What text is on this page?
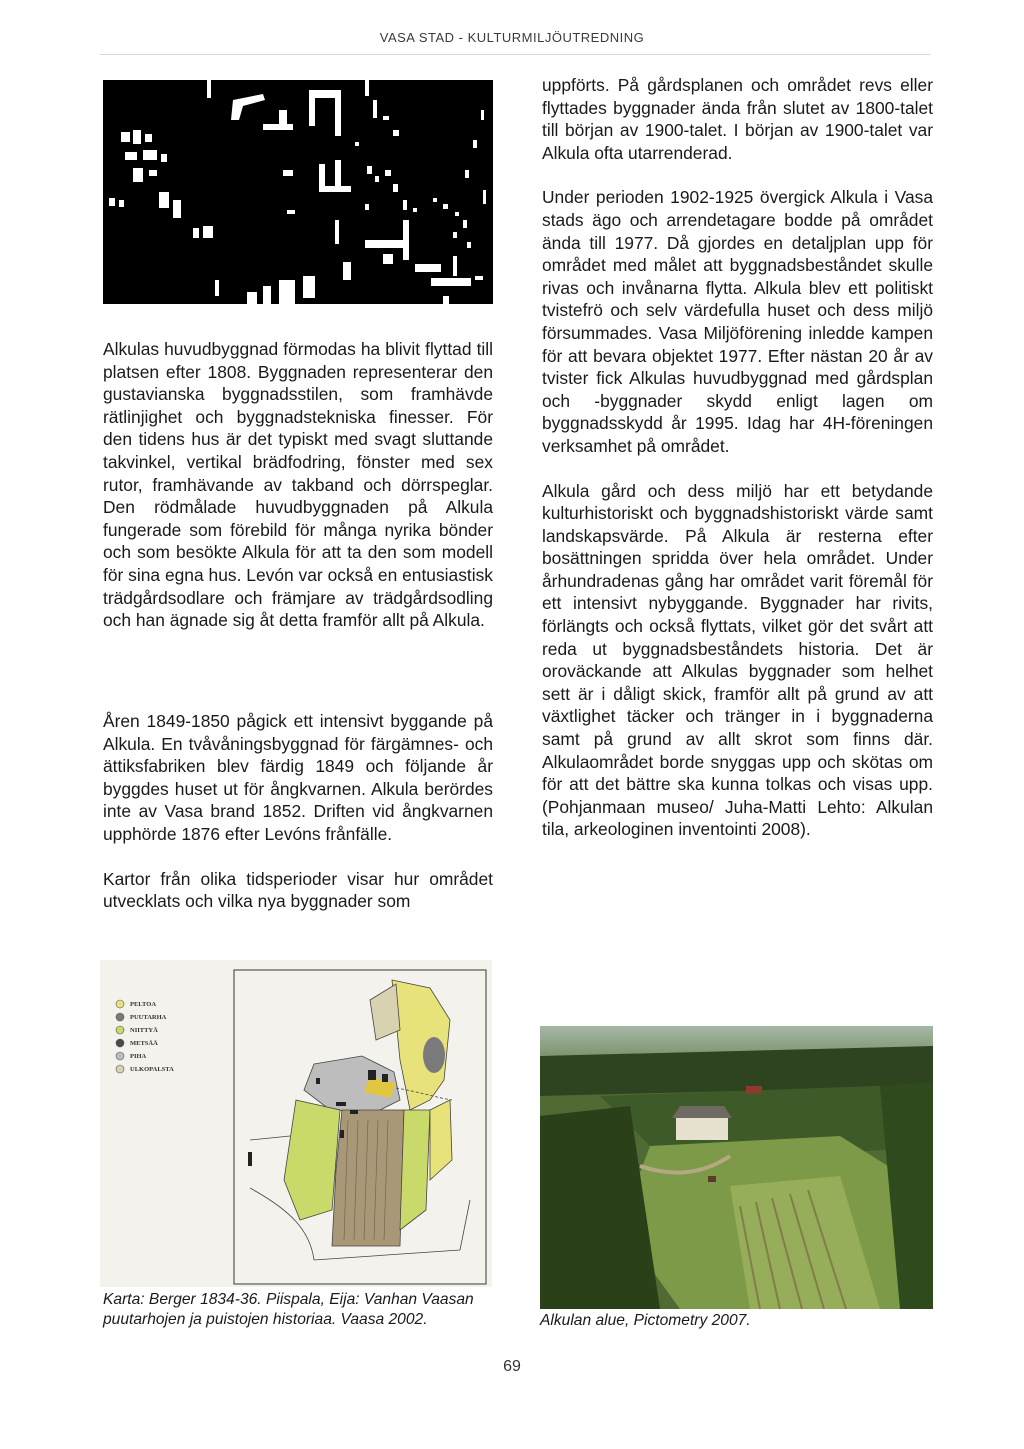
VASA STAD - KULTURMILJÖUTREDNING

Alkulas huvudbyggnad förmodas ha blivit flyttad till platsen efter 1808. Byggnaden representerar den gustavianska byggnadsstilen, som framhävde rätlinjighet och byggnadstekniska finesser. För den tidens hus är det typiskt med svagt sluttande takvinkel, vertikal brädfodring, fönster med sex rutor, framhävande av takband och dörrspeglar. Den rödmålade huvudbyggnaden på Alkula fungerade som förebild för många nyrika bönder och som besökte Alkula för att ta den som modell för sina egna hus. Levón var också en entusiastisk trädgårdsodlare och främjare av trädgårdsodling och han ägnade sig åt detta framför allt på Alkula.

Åren 1849-1850 pågick ett intensivt byggande på Alkula. En tvåvåningsbyggnad för färgämnes- och ättiksfabriken blev färdig 1849 och följande år byggdes huset ut för ångkvarnen. Alkula berördes inte av Vasa brand 1852. Driften vid ångkvarnen upphörde 1876 efter Levóns frånfälle.

Kartor från olika tidsperioder visar hur området utvecklats och vilka nya byggnader som

uppförts. På gårdsplanen och området revs eller flyttades byggnader ända från slutet av 1800-talet till början av 1900-talet. I början av 1900-talet var Alkula ofta utarrenderad.

Under perioden 1902-1925 övergick Alkula i Vasa stads ägo och arrendetagare bodde på området ända till 1977. Då gjordes en detaljplan upp för området med målet att byggnadsbeståndet skulle rivas och invånarna flytta. Alkula blev ett politiskt tvistefrö och selv värdefulla huset och dess miljö försummades. Vasa Miljöförening inledde kampen för att bevara objektet 1977. Efter nästan 20 år av tvister fick Alkulas huvudbyggnad med gårdsplan och -byggnader skydd enligt lagen om byggnadsskydd år 1995. Idag har 4H-föreningen verksamhet på området.

Alkula gård och dess miljö har ett betydande kulturhistoriskt och byggnadshistoriskt värde samt landskapsvärde. På Alkula är resterna efter bosättningen spridda över hela området. Under århundradenas gång har området varit föremål för ett intensivt nybyggande. Byggnader har rivits, förlängts och också flyttats, vilket gör det svårt att reda ut byggnadsbeståndets historia. Det är oroväckande att Alkulas byggnader som helhet sett är i dåligt skick, framför allt på grund av att växtlighet täcker och tränger in i byggnaderna samt på grund av allt skrot som finns där. Alkulaområdet borde snyggas upp och skötas om för att det bättre ska kunna tolkas och visas upp. (Pohjanmaan museo/ Juha-Matti Lehto: Alkulan tila, arkeologinen inventointi 2008).

PELTOA
PUUTARHA
NIITTYÄ
METSÄÄ
PIHA
ULKOPALSTA
Karta: Berger 1834-36. Piispala, Eija: Vanhan Vaasan puutarhojen ja puistojen historiaa. Vaasa 2002.	Alkulan alue, Pictometry 2007.
69
